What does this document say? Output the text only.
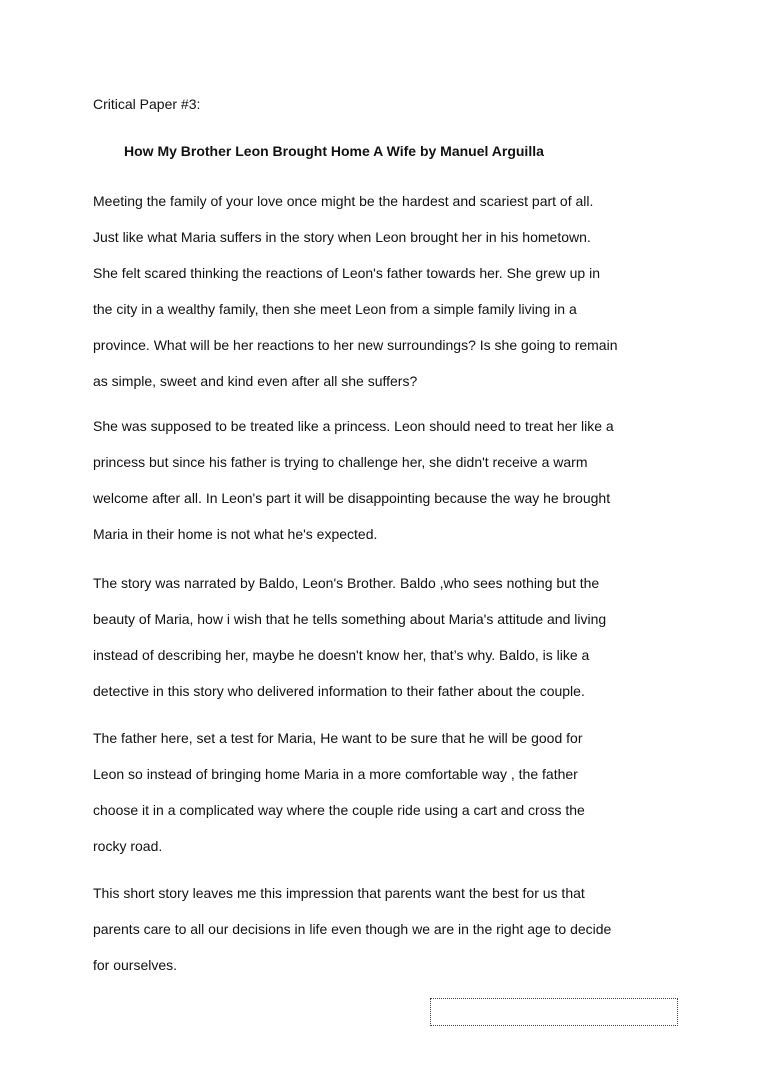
Critical Paper #3:

How My Brother Leon Brought Home A Wife by Manuel Arguilla

Meeting the family of your love once might be the hardest and scariest part of all.
Just like what Maria suffers in the story when Leon brought her in his hometown.
She felt scared thinking the reactions of Leon's father towards her. She grew up in
the city in a wealthy family, then she meet Leon from a simple family living in a
province. What will be her reactions to her new surroundings? Is she going to remain
as simple, sweet and kind even after all she suffers?

She was supposed to be treated like a princess. Leon should need to treat her like a
princess but since his father is trying to challenge her, she didn't receive a warm
welcome after all. In Leon's part it will be disappointing because the way he brought
Maria in their home is not what he's expected.

The story was narrated by Baldo, Leon's Brother. Baldo ,who sees nothing but the
beauty of Maria, how i wish that he tells something about Maria's attitude and living
instead of describing her, maybe he doesn't know her, that’s why. Baldo, is like a
detective in this story who delivered information to their father about the couple.

The father here, set a test for Maria, He want to be sure that he will be good for
Leon so instead of bringing home Maria in a more comfortable way , the father
choose it in a complicated way where the couple ride using a cart and cross the
rocky road.

This short story leaves me this impression that parents want the best for us that
parents care to all our decisions in life even though we are in the right age to decide
for ourselves.
